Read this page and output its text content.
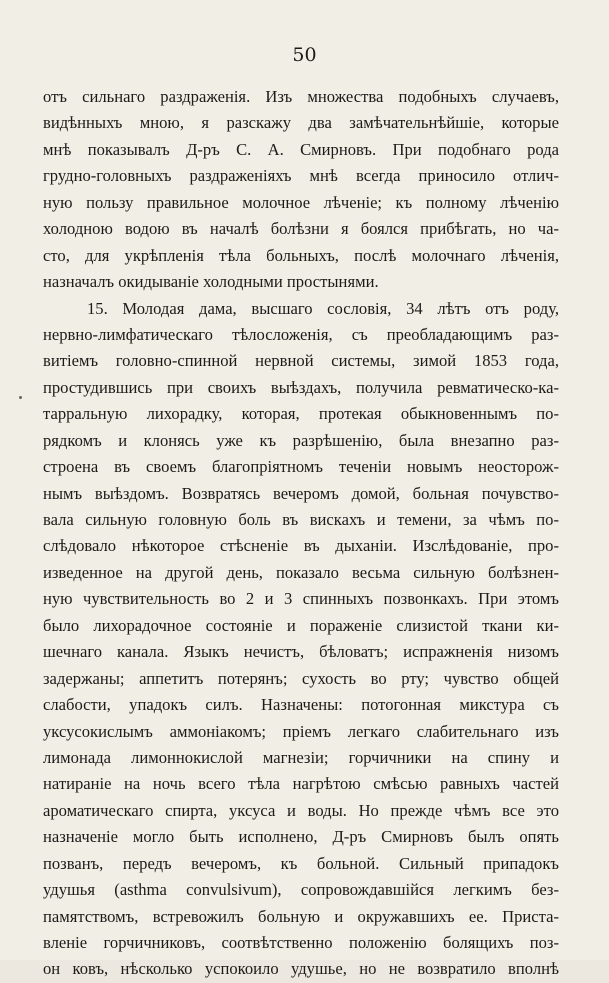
50
отъ сильнаго раздраженія. Изъ множества подобныхъ случаевъ,
видѣнныхъ мною, я разскажу два замѣчательнѣйшіе, которые
мнѣ показывалъ Д-ръ С. А. Смирновъ. При подобнаго рода
грудно-головныхъ раздраженіяхъ мнѣ всегда приносило отлич-
ную пользу правильное молочное лѣченіе; къ полному лѣченію
холодною водою въ началѣ болѣзни я боялся прибѣгать, но ча-
сто, для укрѣпленія тѣла больныхъ, послѣ молочнаго лѣченія,
назначалъ окидываніе холодными простынями.
15. Молодая дама, высшаго сословія, 34 лѣтъ отъ роду,
нервно-лимфатическаго тѣлосложенія, съ преобладающимъ раз-
витіемъ головно-спинной нервной системы, зимой 1853 года,
простудившись при своихъ выѣздахъ, получила ревматическо-ка-
тарральную лихорадку, которая, протекая обыкновеннымъ по-
рядкомъ и клонясь уже къ разрѣшенію, была внезапно раз-
строена въ своемъ благопріятномъ теченіи новымъ неосторож-
нымъ выѣздомъ. Возвратясь вечеромъ домой, больная почувство-
вала сильную головную боль въ вискахъ и темени, за чѣмъ по-
слѣдовало нѣкоторое стѣсненіе въ дыханіи. Изслѣдованіе, про-
изведенное на другой день, показало весьма сильную болѣзнен-
ную чувствительность во 2 и 3 спинныхъ позвонкахъ. При этомъ
было лихорадочное состояніе и пораженіе слизистой ткани ки-
шечнаго канала. Языкъ нечистъ, бѣловатъ; испражненія низомъ
задержаны; аппетитъ потерянъ; сухость во рту; чувство общей
слабости, упадокъ силъ. Назначены: потогонная микстура съ
уксусокислымъ аммоніакомъ; пріемъ легкаго слабительнаго изъ
лимонада лимоннокислой магнезіи; горчичники на спину и
натираніе на ночь всего тѣла нагрѣтою смѣсью равныхъ частей
ароматическаго спирта, уксуса и воды. Но прежде чѣмъ все это
назначеніе могло быть исполнено, Д-ръ Смирновъ былъ опять
позванъ, передъ вечеромъ, къ больной. Сильный припадокъ
удушья (asthma convulsivum), сопровождавшійся легкимъ без-
памятствомъ, встревожилъ больную и окружавшихъ ее. Приста-
вленіе горчичниковъ, соотвѣтственно положенію болящихъ поз-
он ковъ, нѣсколько успокоило удушье, но не возвратило вполнѣ
